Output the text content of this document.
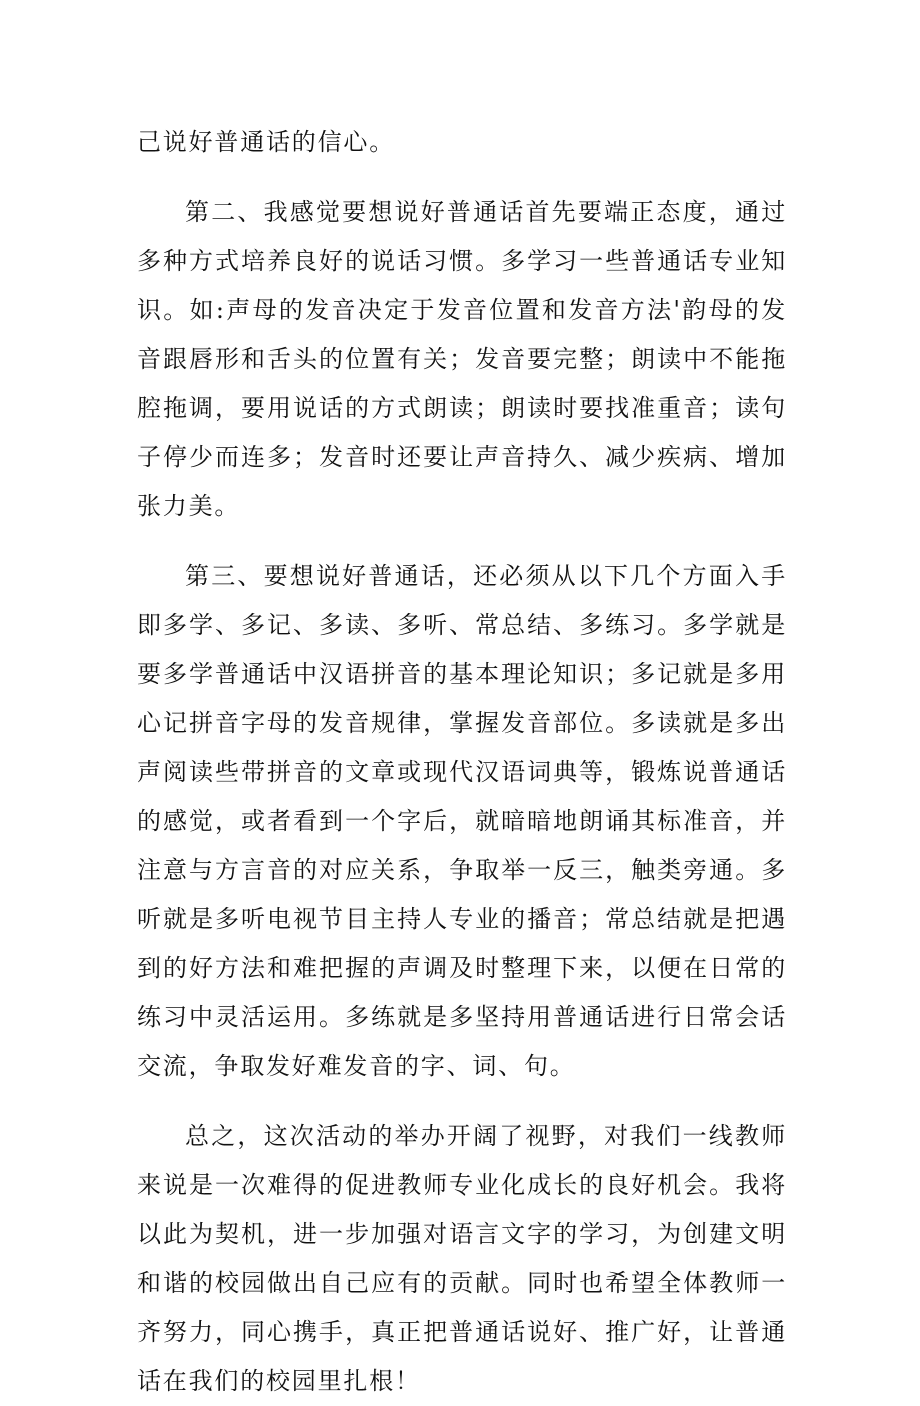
己说好普通话的信心。

第二、我感觉要想说好普通话首先要端正态度，通过多种方式培养良好的说话习惯。多学习一些普通话专业知识。如:声母的发音决定于发音位置和发音方法'韵母的发音跟唇形和舌头的位置有关；发音要完整；朗读中不能拖腔拖调，要用说话的方式朗读；朗读时要找准重音；读句子停少而连多；发音时还要让声音持久、减少疾病、增加张力美。

第三、要想说好普通话，还必须从以下几个方面入手即多学、多记、多读、多听、常总结、多练习。多学就是要多学普通话中汉语拼音的基本理论知识；多记就是多用心记拼音字母的发音规律，掌握发音部位。多读就是多出声阅读些带拼音的文章或现代汉语词典等，锻炼说普通话的感觉，或者看到一个字后，就暗暗地朗诵其标准音，并注意与方言音的对应关系，争取举一反三，触类旁通。多听就是多听电视节目主持人专业的播音；常总结就是把遇到的好方法和难把握的声调及时整理下来，以便在日常的练习中灵活运用。多练就是多坚持用普通话进行日常会话交流，争取发好难发音的字、词、句。

总之，这次活动的举办开阔了视野，对我们一线教师来说是一次难得的促进教师专业化成长的良好机会。我将以此为契机，进一步加强对语言文字的学习，为创建文明和谐的校园做出自己应有的贡献。同时也希望全体教师一齐努力，同心携手，真正把普通话说好、推广好，让普通话在我们的校园里扎根！
